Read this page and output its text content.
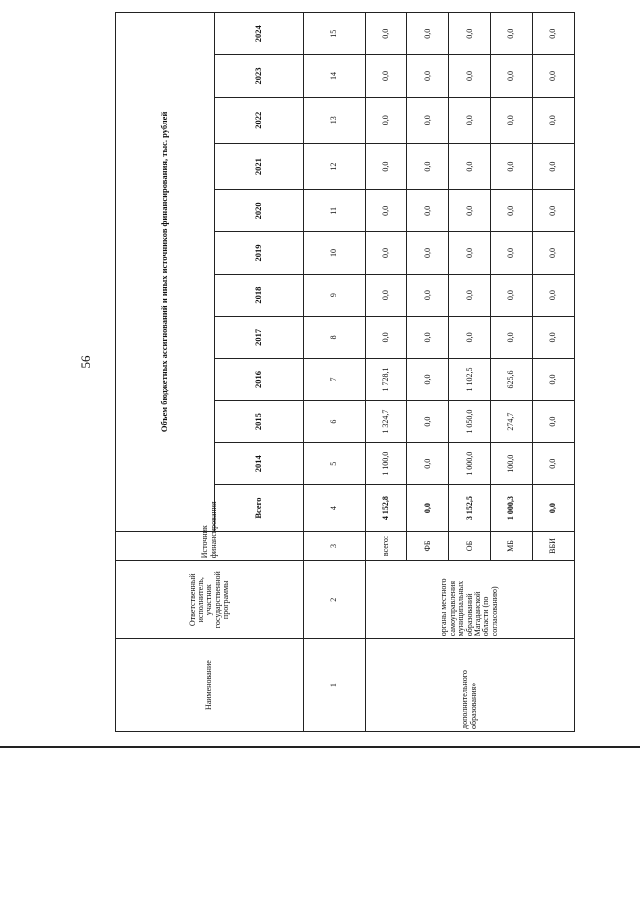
56
Наименование	Ответственный исполнитель, участник государственной программы	Источник финансирования	Объем бюджетных ассигнований и иных источников финансирования, тыс. рублей											
			Всего	2014	2015	2016	2017	2018	2019	2020	2021	2022	2023	2024
1	2	3	4	5	6	7	8	9	10	11	12	13	14	15
дополнительного образования»	органы местного самоуправления муниципальных образований Магаданской области (по согласованию)	всего:	4 152,8	1 100,0	1 324,7	1 728,1	0,0	0,0	0,0	0,0	0,0	0,0	0,0	0,0
		ФБ	0,0	0,0	0,0	0,0	0,0	0,0	0,0	0,0	0,0	0,0	0,0	0,0
		ОБ	3 152,5	1 000,0	1 050,0	1 102,5	0,0	0,0	0,0	0,0	0,0	0,0	0,0	0,0
		МБ	1 000,3	100,0	274,7	625,6	0,0	0,0	0,0	0,0	0,0	0,0	0,0	0,0
		ВБИ	0,0	0,0	0,0	0,0	0,0	0,0	0,0	0,0	0,0	0,0	0,0	0,0
